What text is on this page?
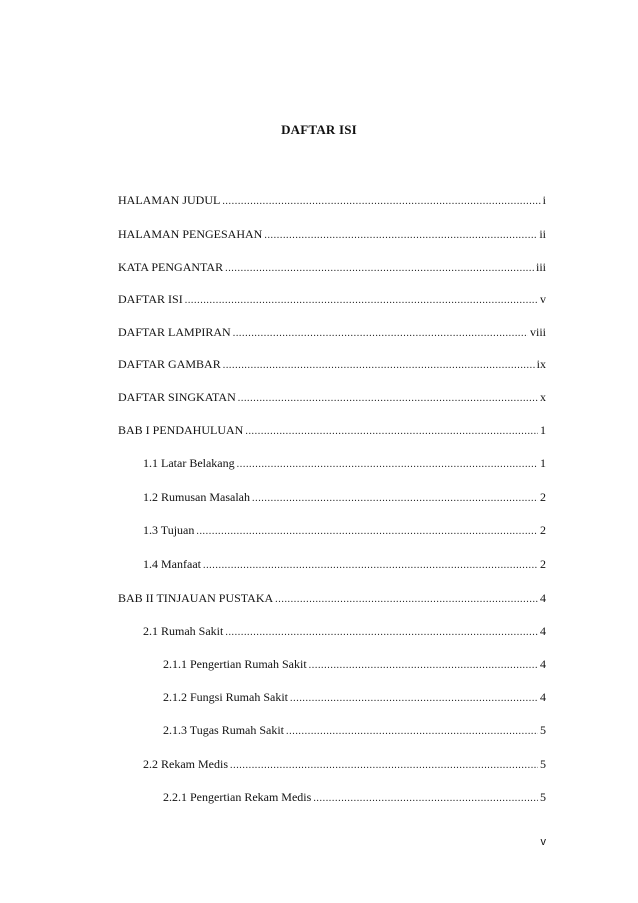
DAFTAR ISI
HALAMAN JUDUL .....	i
HALAMAN PENGESAHAN .....	ii
KATA PENGANTAR .....	iii
DAFTAR ISI .....	v
DAFTAR LAMPIRAN .....	viii
DAFTAR GAMBAR .....	ix
DAFTAR SINGKATAN .....	x
BAB I PENDAHULUAN .....	1
1.1 Latar Belakang .....	1
1.2 Rumusan Masalah .....	2
1.3 Tujuan .....	2
1.4 Manfaat .....	2
BAB II TINJAUAN PUSTAKA .....	4
2.1 Rumah Sakit .....	4
2.1.1 Pengertian Rumah Sakit .....	4
2.1.2 Fungsi Rumah Sakit .....	4
2.1.3 Tugas Rumah Sakit .....	5
2.2 Rekam Medis .....	5
2.2.1 Pengertian Rekam Medis .....	5
v
